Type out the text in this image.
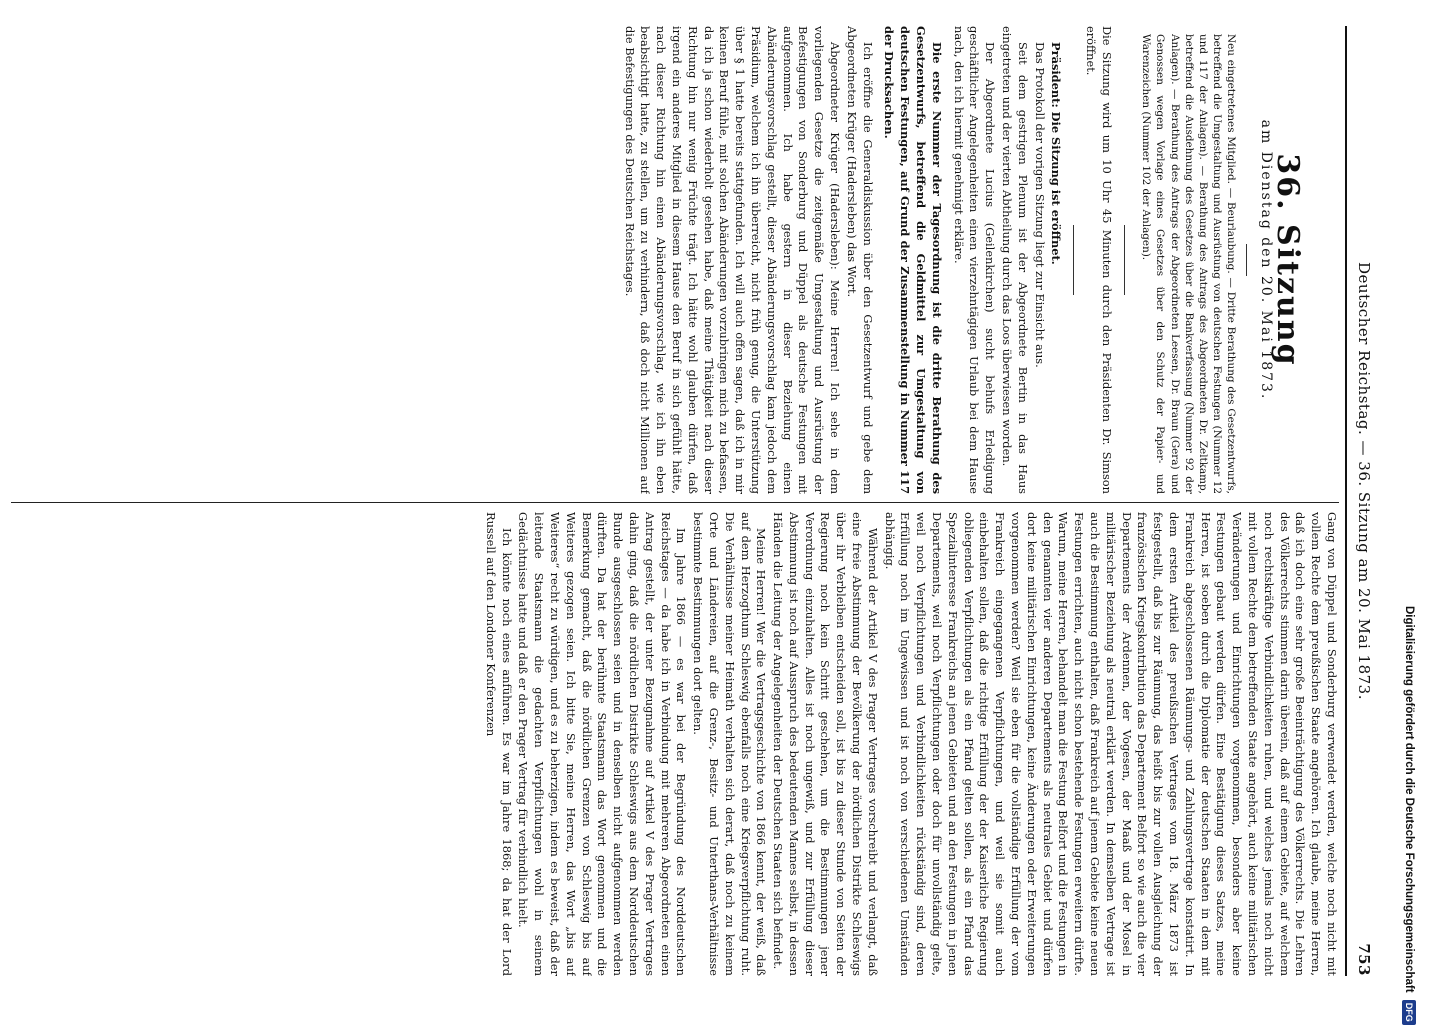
Deutscher Reichstag. — 36. Sitzung am 20. Mai 1873.
753
36. Sitzung
am Dienstag den 20. Mai 1873.

Neu eingetretenes Mitglied. — Beurlaubung. — Dritte Berathung des Gesetzentwurfs, betreffend die Umgestaltung und Ausrüstung von deutschen Festungen (Nummer 12 und 117 der Anlagen). — Berathung des Antrags des Abgeordneten Dr. Zeltkamp, betreffend die Ausdehnung des Gesetzes über die Bankverfassung (Nummer 92 der Anlagen). — Berathung des Antrags der Abgeordneten Leesen, Dr. Braun (Gera) und Genossen wegen Vorlage eines Gesetzes über den Schutz der Papier- und Warenzeichen (Nummer 102 der Anlagen).

Die Sitzung wird um 10 Uhr 45 Minuten durch den Präsidenten Dr. Simson eröffnet.

Präsident: Die Sitzung ist eröffnet.

Das Protokoll der vorigen Sitzung liegt zur Einsicht aus.

Seit dem gestrigen Plenum ist der Abgeordnete Bertin in das Haus eingetreten und der vierten Abtheilung durch das Loos überwiesen worden.

Der Abgeordnete Lucius (Geilenkirchen) sucht behufs Erledigung geschäftlicher Angelegenheiten einen vierzehntägigen Urlaub bei dem Hause nach, den ich hiermit genehmigt erkläre.

Die erste Nummer der Tagesordnung ist die dritte Berathung des Gesetzentwurfs, betreffend die Geldmittel zur Umgestaltung von deutschen Festungen, auf Grund der Zusammenstellung in Nummer 117 der Drucksachen.

Ich eröffne die Generaldiskussion über den Gesetzentwurf und gebe dem Abgeordneten Krüger (Hadersleben) das Wort.

Abgeordneter Krüger (Hadersleben): Meine Herren! Ich sehe in dem vorliegenden Gesetze die zeitgemäße Umgestaltung und Ausrüstung der Befestigungen von Sonderburg und Düppel als deutsche Festungen mit aufgenommen. Ich habe gestern in dieser Beziehung einen Abänderungsvorschlag gestellt, dieser Abänderungsvorschlag kam jedoch dem Präsidium, welchem ich ihn überreicht, nicht früh genug, die Unterstützung über § 1 hatte bereits stattgefunden. Ich will auch offen sagen, daß ich in mir keinen Beruf fühle, mit solchen Abänderungen vorzubringen mich zu befassen, da ich ja schon wiederholt gesehen habe, daß meine Thätigkeit nach dieser Richtung hin nur wenig Früchte trägt. Ich hätte wohl glauben dürfen, daß irgend ein anderes Mitglied in diesem Hause den Beruf in sich gefühlt hätte, nach dieser Richtung hin einen Abänderungsvorschlag, wie ich ihn eben beabsichtigt hatte, zu stellen, um zu verhindern, daß doch nicht Millionen auf die Befestigungen des Deutschen Reichstages.

Gang von Düppel und Sonderburg verwendet werden, welche noch nicht mit vollem Rechte dem preußischen Staate angehören. Ich glaube, meine Herren, daß ich doch eine sehr große Beeinträchtigung des Völkerrechts. Die Lehren des Völkerrechts stimmen darin überein, daß auf einem Gebiete, auf welchem noch rechtskräftige Verbindlichkeiten ruhen, und welches jemals noch nicht mit vollem Rechte dem betreffenden Staate angehört, auch keine militärischen Veränderungen und Einrichtungen vorgenommen, besonders aber keine Festungen gebaut werden dürfen. Eine Bestätigung dieses Satzes, meine Herren, ist soeben durch die Diplomatie der deutschen Staaten in dem mit Frankreich abgeschlossenen Räumungs- und Zahlungsvertrage konstatirt. In dem ersten Artikel des preußischen Vertrages vom 18. März 1873 ist festgestellt, daß bis zur Räumung, das heißt bis zur vollen Ausgleichung der französischen Kriegskontribution das Departement Belfort so wie auch die vier Departements der Ardennen, der Vogesen, der Maaß und der Mosel in militärischer Beziehung als neutral erklärt werden. In demselben Vertrage ist auch die Bestimmung enthalten, daß Frankreich auf jenem Gebiete keine neuen Festungen errichten, auch nicht schon bestehende Festungen erweitern dürfte. Warum, meine Herren, behandelt man die Festung Belfort und die Festungen in den genannten vier anderen Departements als neutrales Gebiet und dürfen dort keine militärischen Einrichtungen, keine Änderungen oder Erweiterungen vorgenommen werden? Weil sie eben für die vollständige Erfüllung der vom Frankreich eingegangenen Verpflichtungen, und weil sie somit auch einbehalten sollen, daß die richtige Erfüllung der der Kaiserliche Regierung obliegenden Verpflichtungen als ein Pfand gelten sollen, als ein Pfand das Spezialinteresse Frankreichs an jenen Gebieten und an den Festungen in jenen Departements, weil noch Verpflichtungen oder doch für unvollständig gelte, weil noch Verpflichtungen und Verbindlichkeiten rückständig sind, deren Erfüllung noch im Ungewissen und ist noch von verschiedenen Umständen abhängig.

Während der Artikel V des Prager Vertrages vorschreibt und verlangt, daß eine freie Abstimmung der Bevölkerung der nördlichen Distrikte Schleswigs über ihr Verbleiben entscheiden soll, ist bis zu dieser Stunde von Seiten der Regierung noch kein Schritt geschehen, um die Bestimmungen jener Verordnung einzuhalten. Alles ist noch ungewiß, und zur Erfüllung dieser Abstimmung ist noch auf Ausspruch des bedeutenden Mannes selbst, in dessen Händen die Leitung der Angelegenheiten der Deutschen Staaten sich befindet.

Meine Herren! Wer die Vertragsgeschichte von 1866 kennt, der weiß, daß auf dem Herzogthum Schleswig ebenfalls noch eine Kriegsverpflichtung ruht. Die Verhältnisse meiner Heimath verhalten sich derart, daß noch zu keinem Orte und Ländereien, auf die Grenz-, Besitz- und Unterthans-Verhältnisse bestimmte Bestimmungen dort gelten.

Im Jahre 1866 — es war bei der Begründung des Norddeutschen Reichstages — da habe ich in Verbindung mit mehreren Abgeordneten einen Antrag gestellt, der unter Bezugnahme auf Artikel V des Prager Vertrages dahin ging, daß die nördlichen Distrikte Schleswigs aus dem Norddeutschen Bunde ausgeschlossen seien und in denselben nicht aufgenommen werden dürften. Da hat der berühmte Staatsmann das Wort genommen und die Bemerkung gemacht, daß die nördlichen Grenzen von Schleswig bis auf Weiteres gezogen seien. Ich bitte Sie, meine Herren, das Wort „bis auf Weiteres“ recht zu würdigen, und es zu beherzigen, indem es beweist, daß der leitende Staatsmann die gedachten Verpflichtungen wohl in seinem Gedächtnisse hatte und daß er den Prager Vertrag für verbindlich hielt.

Ich könnte noch eines anführen. Es war im Jahre 1868; da hat der Lord Russell auf den Londoner Konferenzen	Digitalisierung gefördert durch die Deutsche Forschungsgemeinschaft DFG
